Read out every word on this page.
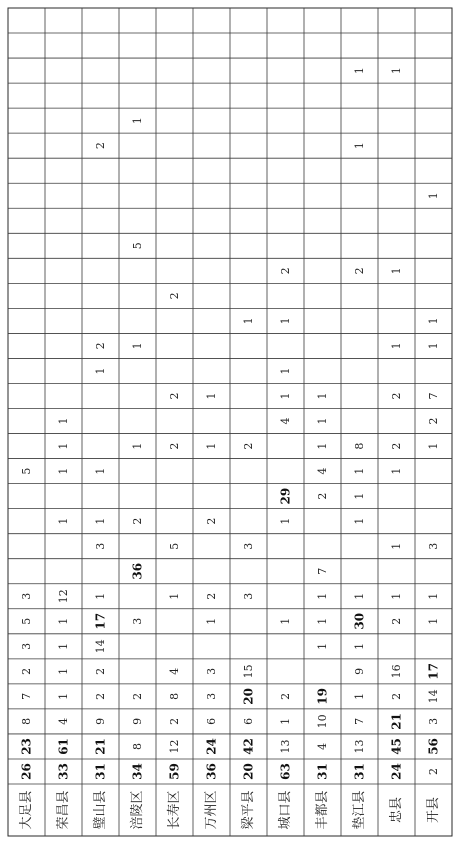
大足县
26
23
8
7
2
3
5
3
5
荣昌县
33
61
4
1
1
1
1
12
1
1
1
1
璧山县
31
21
9
2
2
14
17
1
3
1
1
1
2
2
涪陵区
34
8
9
2
3
36
2
1
1
5
1
长寿区
59
12
2
8
4
1
5
2
2
2
万州区
36
24
6
3
3
1
2
2
1
1
梁平县
20
42
6
20
15
3
3
2
1
城口县
63
13
1
2
1
1
29
4
1
1
1
2
丰都县
31
4
10
19
1
1
1
7
2
4
1
1
1
垫江县
31
13
7
1
9
1
30
1
1
1
1
8
2
1
1
忠县
24
45
21
2
16
2
1
1
1
2
2
1
1
1
开县
2
56
3
14
17
1
1
3
1
2
7
1
1
1
